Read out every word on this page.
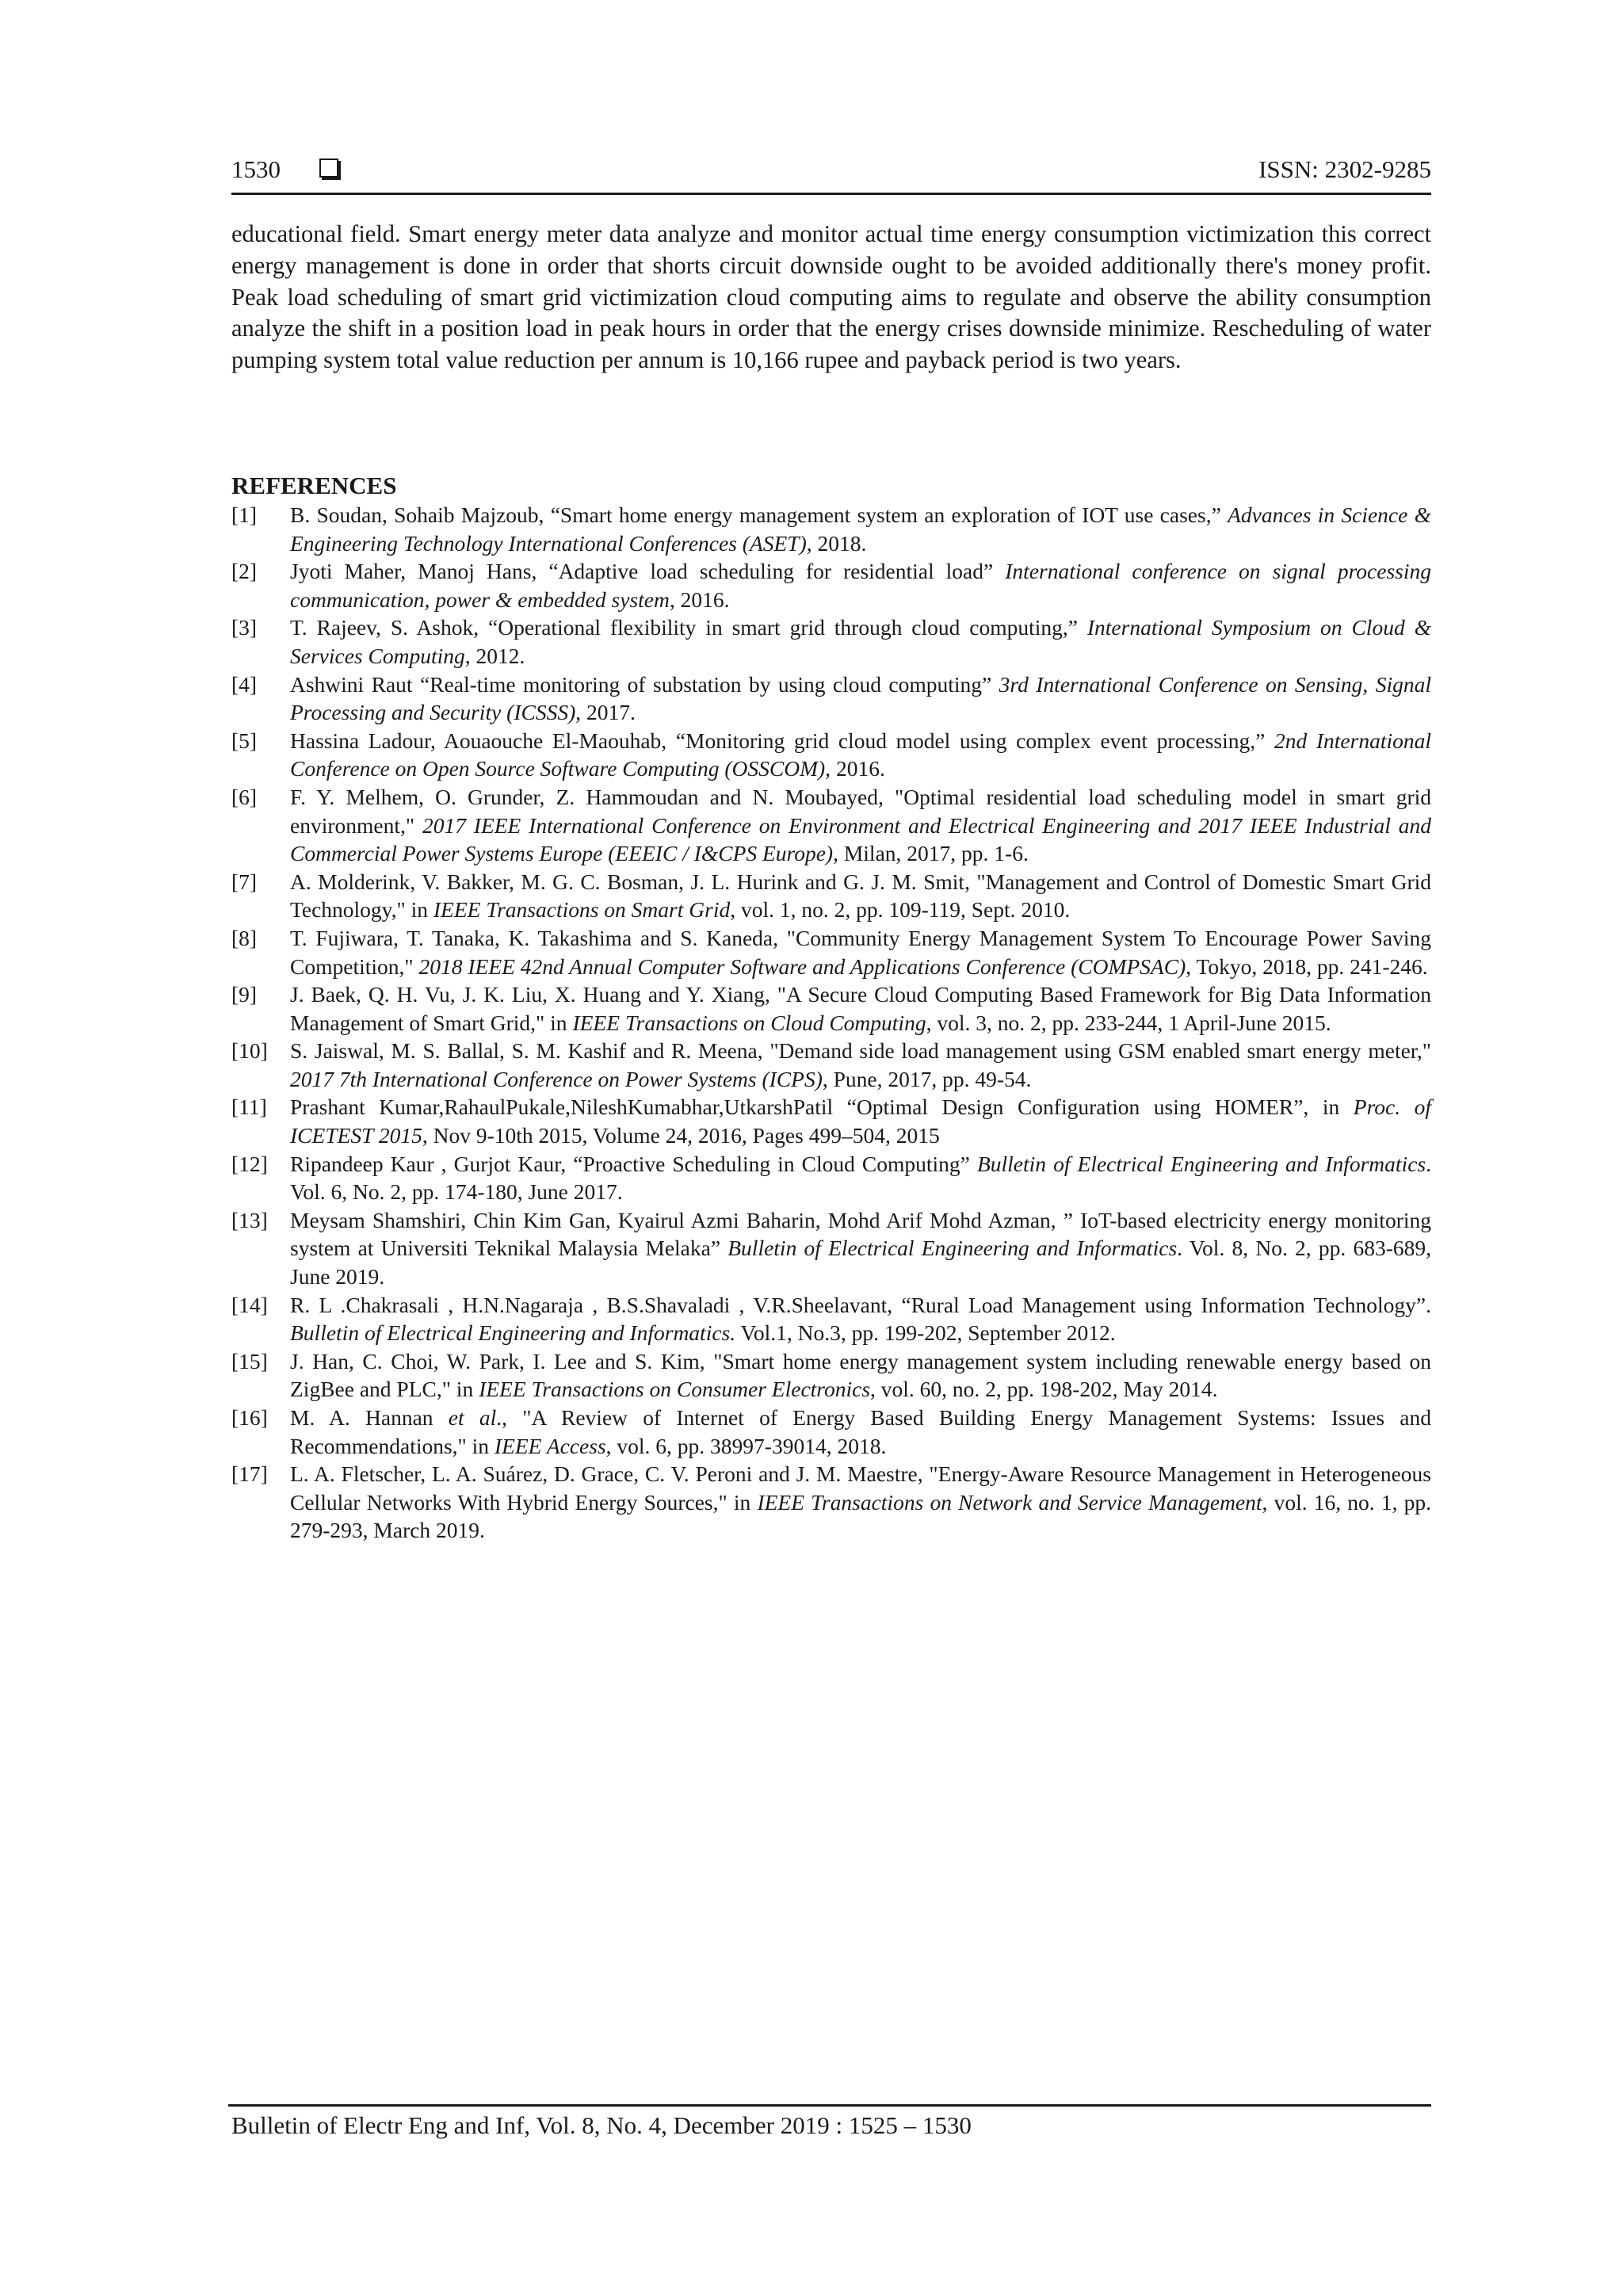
1530	ISSN: 2302-9285

educational field. Smart energy meter data analyze and monitor actual time energy consumption victimization this correct energy management is done in order that shorts circuit downside ought to be avoided additionally there's money profit. Peak load scheduling of smart grid victimization cloud computing aims to regulate and observe the ability consumption analyze the shift in a position load in peak hours in order that the energy crises downside minimize. Rescheduling of water pumping system total value reduction per annum is 10,166 rupee and payback period is two years.

REFERENCES
[1] B. Soudan, Sohaib Majzoub, “Smart home energy management system an exploration of IOT use cases,” Advances in Science & Engineering Technology International Conferences (ASET), 2018.
[2] Jyoti Maher, Manoj Hans, “Adaptive load scheduling for residential load” International conference on signal processing communication, power & embedded system, 2016.
[3] T. Rajeev, S. Ashok, “Operational flexibility in smart grid through cloud computing,” International Symposium on Cloud & Services Computing, 2012.
[4] Ashwini Raut “Real-time monitoring of substation by using cloud computing” 3rd International Conference on Sensing, Signal Processing and Security (ICSSS), 2017.
[5] Hassina Ladour, Aouaouche El-Maouhab, “Monitoring grid cloud model using complex event processing,” 2nd International Conference on Open Source Software Computing (OSSCOM), 2016.
[6] F. Y. Melhem, O. Grunder, Z. Hammoudan and N. Moubayed, "Optimal residential load scheduling model in smart grid environment," 2017 IEEE International Conference on Environment and Electrical Engineering and 2017 IEEE Industrial and Commercial Power Systems Europe (EEEIC / I&CPS Europe), Milan, 2017, pp. 1-6.
[7] A. Molderink, V. Bakker, M. G. C. Bosman, J. L. Hurink and G. J. M. Smit, "Management and Control of Domestic Smart Grid Technology," in IEEE Transactions on Smart Grid, vol. 1, no. 2, pp. 109-119, Sept. 2010.
[8] T. Fujiwara, T. Tanaka, K. Takashima and S. Kaneda, "Community Energy Management System To Encourage Power Saving Competition," 2018 IEEE 42nd Annual Computer Software and Applications Conference (COMPSAC), Tokyo, 2018, pp. 241-246.
[9] J. Baek, Q. H. Vu, J. K. Liu, X. Huang and Y. Xiang, "A Secure Cloud Computing Based Framework for Big Data Information Management of Smart Grid," in IEEE Transactions on Cloud Computing, vol. 3, no. 2, pp. 233-244, 1 April-June 2015.
[10] S. Jaiswal, M. S. Ballal, S. M. Kashif and R. Meena, "Demand side load management using GSM enabled smart energy meter," 2017 7th International Conference on Power Systems (ICPS), Pune, 2017, pp. 49-54.
[11] Prashant Kumar,RahaulPukale,NileshKumabhar,UtkarshPatil “Optimal Design Configuration using HOMER”, in Proc. of ICETEST 2015, Nov 9-10th 2015, Volume 24, 2016, Pages 499–504, 2015
[12] Ripandeep Kaur , Gurjot Kaur, “Proactive Scheduling in Cloud Computing” Bulletin of Electrical Engineering and Informatics. Vol. 6, No. 2, pp. 174-180, June 2017.
[13] Meysam Shamshiri, Chin Kim Gan, Kyairul Azmi Baharin, Mohd Arif Mohd Azman, ” IoT-based electricity energy monitoring system at Universiti Teknikal Malaysia Melaka” Bulletin of Electrical Engineering and Informatics. Vol. 8, No. 2, pp. 683-689, June 2019.
[14] R. L .Chakrasali , H.N.Nagaraja , B.S.Shavaladi , V.R.Sheelavant, “Rural Load Management using Information Technology”. Bulletin of Electrical Engineering and Informatics. Vol.1, No.3, pp. 199-202, September 2012.
[15] J. Han, C. Choi, W. Park, I. Lee and S. Kim, "Smart home energy management system including renewable energy based on ZigBee and PLC," in IEEE Transactions on Consumer Electronics, vol. 60, no. 2, pp. 198-202, May 2014.
[16] M. A. Hannan et al., "A Review of Internet of Energy Based Building Energy Management Systems: Issues and Recommendations," in IEEE Access, vol. 6, pp. 38997-39014, 2018.
[17] L. A. Fletscher, L. A. Suárez, D. Grace, C. V. Peroni and J. M. Maestre, "Energy-Aware Resource Management in Heterogeneous Cellular Networks With Hybrid Energy Sources," in IEEE Transactions on Network and Service Management, vol. 16, no. 1, pp. 279-293, March 2019.
Bulletin of Electr Eng and Inf, Vol. 8, No. 4, December 2019 : 1525 – 1530
